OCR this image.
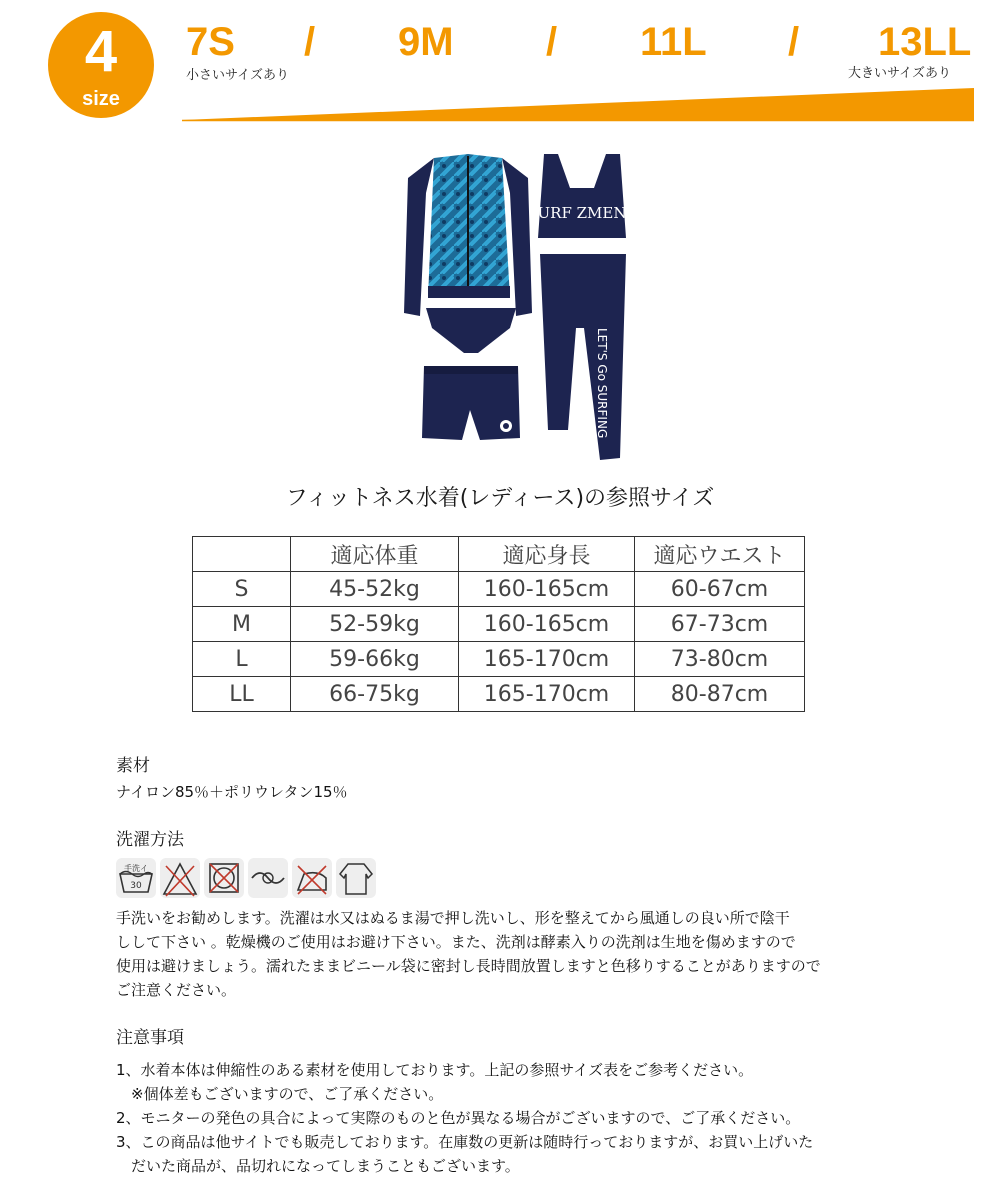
4
size
7S / 9M / 11L / 13LL
小さいサイズあり	大きいサイズあり
URF ZMEN
LET'S Go SURFING
フィットネス水着(レディース)の参照サイズ
	適応体重	適応身長	適応ウエスト
S	45-52kg	160-165cm	60-67cm
M	52-59kg	160-165cm	67-73cm
L	59-66kg	165-170cm	73-80cm
LL	66-75kg	165-170cm	80-87cm
素材
ナイロン85％＋ポリウレタン15％
洗濯方法
手洗イ
30
手洗いをお勧めします。洗濯は水又はぬるま湯で押し洗いし、形を整えてから風通しの良い所で陰干
しして下さい 。乾燥機のご使用はお避け下さい。また、洗剤は酵素入りの洗剤は生地を傷めますので
使用は避けましょう。濡れたままビニール袋に密封し長時間放置しますと色移りすることがありますので
ご注意ください。
注意事項
1、水着本体は伸縮性のある素材を使用しております。上記の参照サイズ表をご参考ください。
　※個体差もございますので、ご了承ください。
2、モニターの発色の具合によって実際のものと色が異なる場合がございますので、ご了承ください。
3、この商品は他サイトでも販売しております。在庫数の更新は随時行っておりますが、お買い上げいた
　だいた商品が、品切れになってしまうこともございます。
